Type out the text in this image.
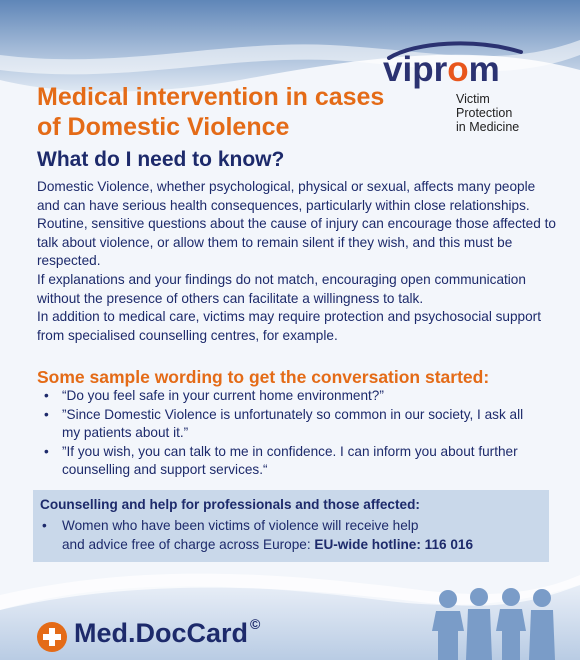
viprom
Victim Protection
in Medicine
Medical intervention in cases of Domestic Violence
What do I need to know?

Domestic Violence, whether psychological, physical or sexual, affects many people and can have serious health consequences, particularly within close relationships. Routine, sensitive questions about the cause of injury can encourage those affected to talk about violence, or allow them to remain silent if they wish, and this must be respected.

If explanations and your findings do not match, encouraging open communication without the presence of others can facilitate a willingness to talk.

In addition to medical care, victims may require protection and psychosocial support from specialised counselling centres, for example.

Some sample wording to get the conversation started:
• “Do you feel safe in your current home environment?”
• ”Since Domestic Violence is unfortunately so common in our society, I ask all my patients about it.”
• ”If you wish, you can talk to me in confidence. I can inform you about further counselling and support services.“
Counselling and help for professionals and those affected:
• Women who have been victims of violence will receive help
and advice free of charge across Europe: EU-wide hotline: 116 016
Med.DocCard ©
